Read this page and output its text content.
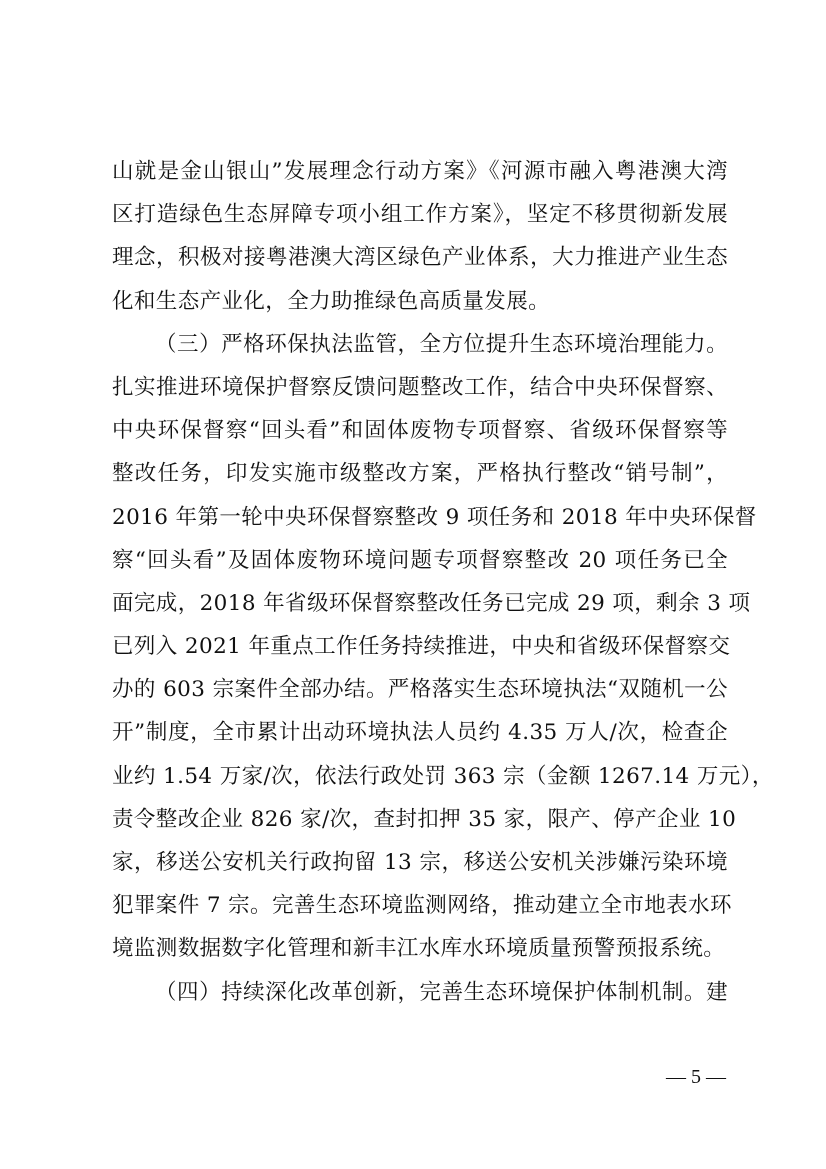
山就是金山银山”发展理念行动方案》《河源市融入粤港澳大湾
区打造绿色生态屏障专项小组工作方案》，坚定不移贯彻新发展
理念，积极对接粤港澳大湾区绿色产业体系，大力推进产业生态
化和生态产业化，全力助推绿色高质量发展。
（三）严格环保执法监管，全方位提升生态环境治理能力。
扎实推进环境保护督察反馈问题整改工作，结合中央环保督察、
中央环保督察“回头看”和固体废物专项督察、省级环保督察等
整改任务，印发实施市级整改方案，严格执行整改“销号制”，
2016 年第一轮中央环保督察整改 9 项任务和 2018 年中央环保督
察“回头看”及固体废物环境问题专项督察整改 20 项任务已全
面完成，2018 年省级环保督察整改任务已完成 29 项，剩余 3 项
已列入 2021 年重点工作任务持续推进，中央和省级环保督察交
办的 603 宗案件全部办结。严格落实生态环境执法“双随机一公
开”制度，全市累计出动环境执法人员约 4.35 万人/次，检查企
业约 1.54 万家/次，依法行政处罚 363 宗（金额 1267.14 万元），
责令整改企业 826 家/次，查封扣押 35 家，限产、停产企业 10
家，移送公安机关行政拘留 13 宗，移送公安机关涉嫌污染环境
犯罪案件 7 宗。完善生态环境监测网络，推动建立全市地表水环
境监测数据数字化管理和新丰江水库水环境质量预警预报系统。
（四）持续深化改革创新，完善生态环境保护体制机制。建
— 5 —
